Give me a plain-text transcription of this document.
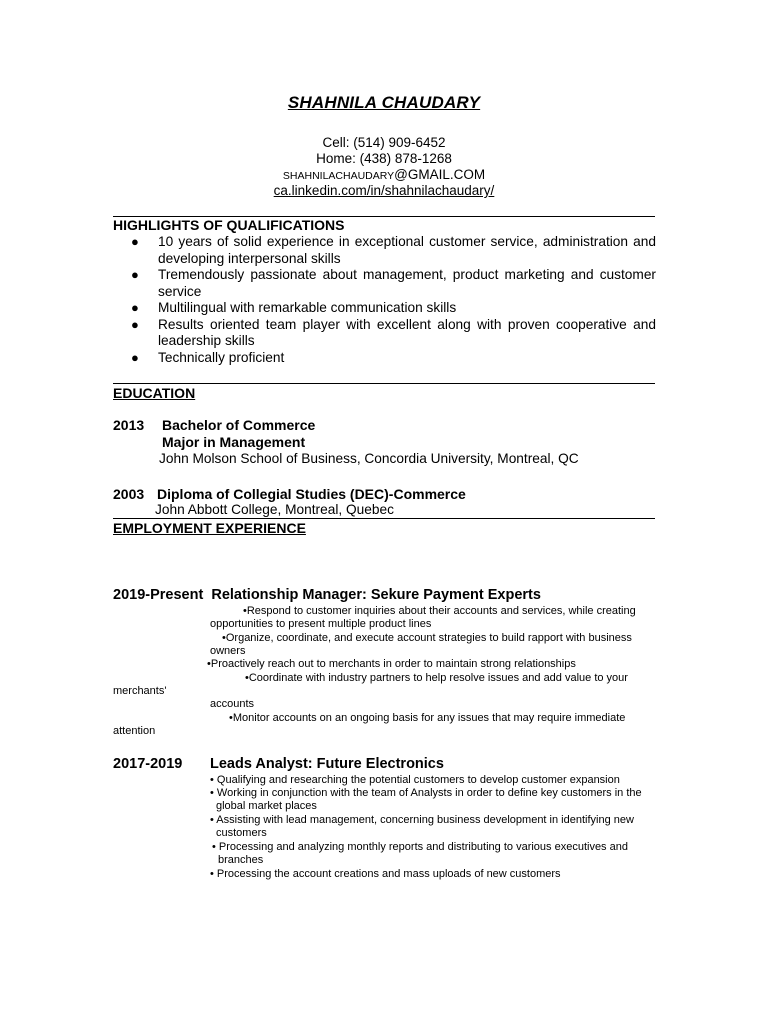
SHAHNILA CHAUDARY
Cell: (514) 909-6452
Home: (438) 878-1268
SHAHNILACHAUDARY@GMAIL.COM
ca.linkedin.com/in/shahnilachaudary/
HIGHLIGHTS OF QUALIFICATIONS
● 10 years of solid experience in exceptional customer service, administration and developing interpersonal skills
● Tremendously passionate about management, product marketing and customer service
● Multilingual with remarkable communication skills
● Results oriented team player with excellent along with proven cooperative and leadership skills
● Technically proficient
EDUCATION
2013 Bachelor of Commerce
Major in Management
John Molson School of Business, Concordia University, Montreal, QC
2003 Diploma of Collegial Studies (DEC)-Commerce
John Abbott College, Montreal, Quebec
EMPLOYMENT EXPERIENCE
2019-Present Relationship Manager: Sekure Payment Experts
•Respond to customer inquiries about their accounts and services, while creating
opportunities to present multiple product lines
•Organize, coordinate, and execute account strategies to build rapport with business
owners
•Proactively reach out to merchants in order to maintain strong relationships
•Coordinate with industry partners to help resolve issues and add value to your
merchants'
accounts
•Monitor accounts on an ongoing basis for any issues that may require immediate
attention
2017-2019 Leads Analyst: Future Electronics
• Qualifying and researching the potential customers to develop customer expansion
• Working in conjunction with the team of Analysts in order to define key customers in the
global market places
• Assisting with lead management, concerning business development in identifying new
customers
• Processing and analyzing monthly reports and distributing to various executives and
branches
• Processing the account creations and mass uploads of new customers
